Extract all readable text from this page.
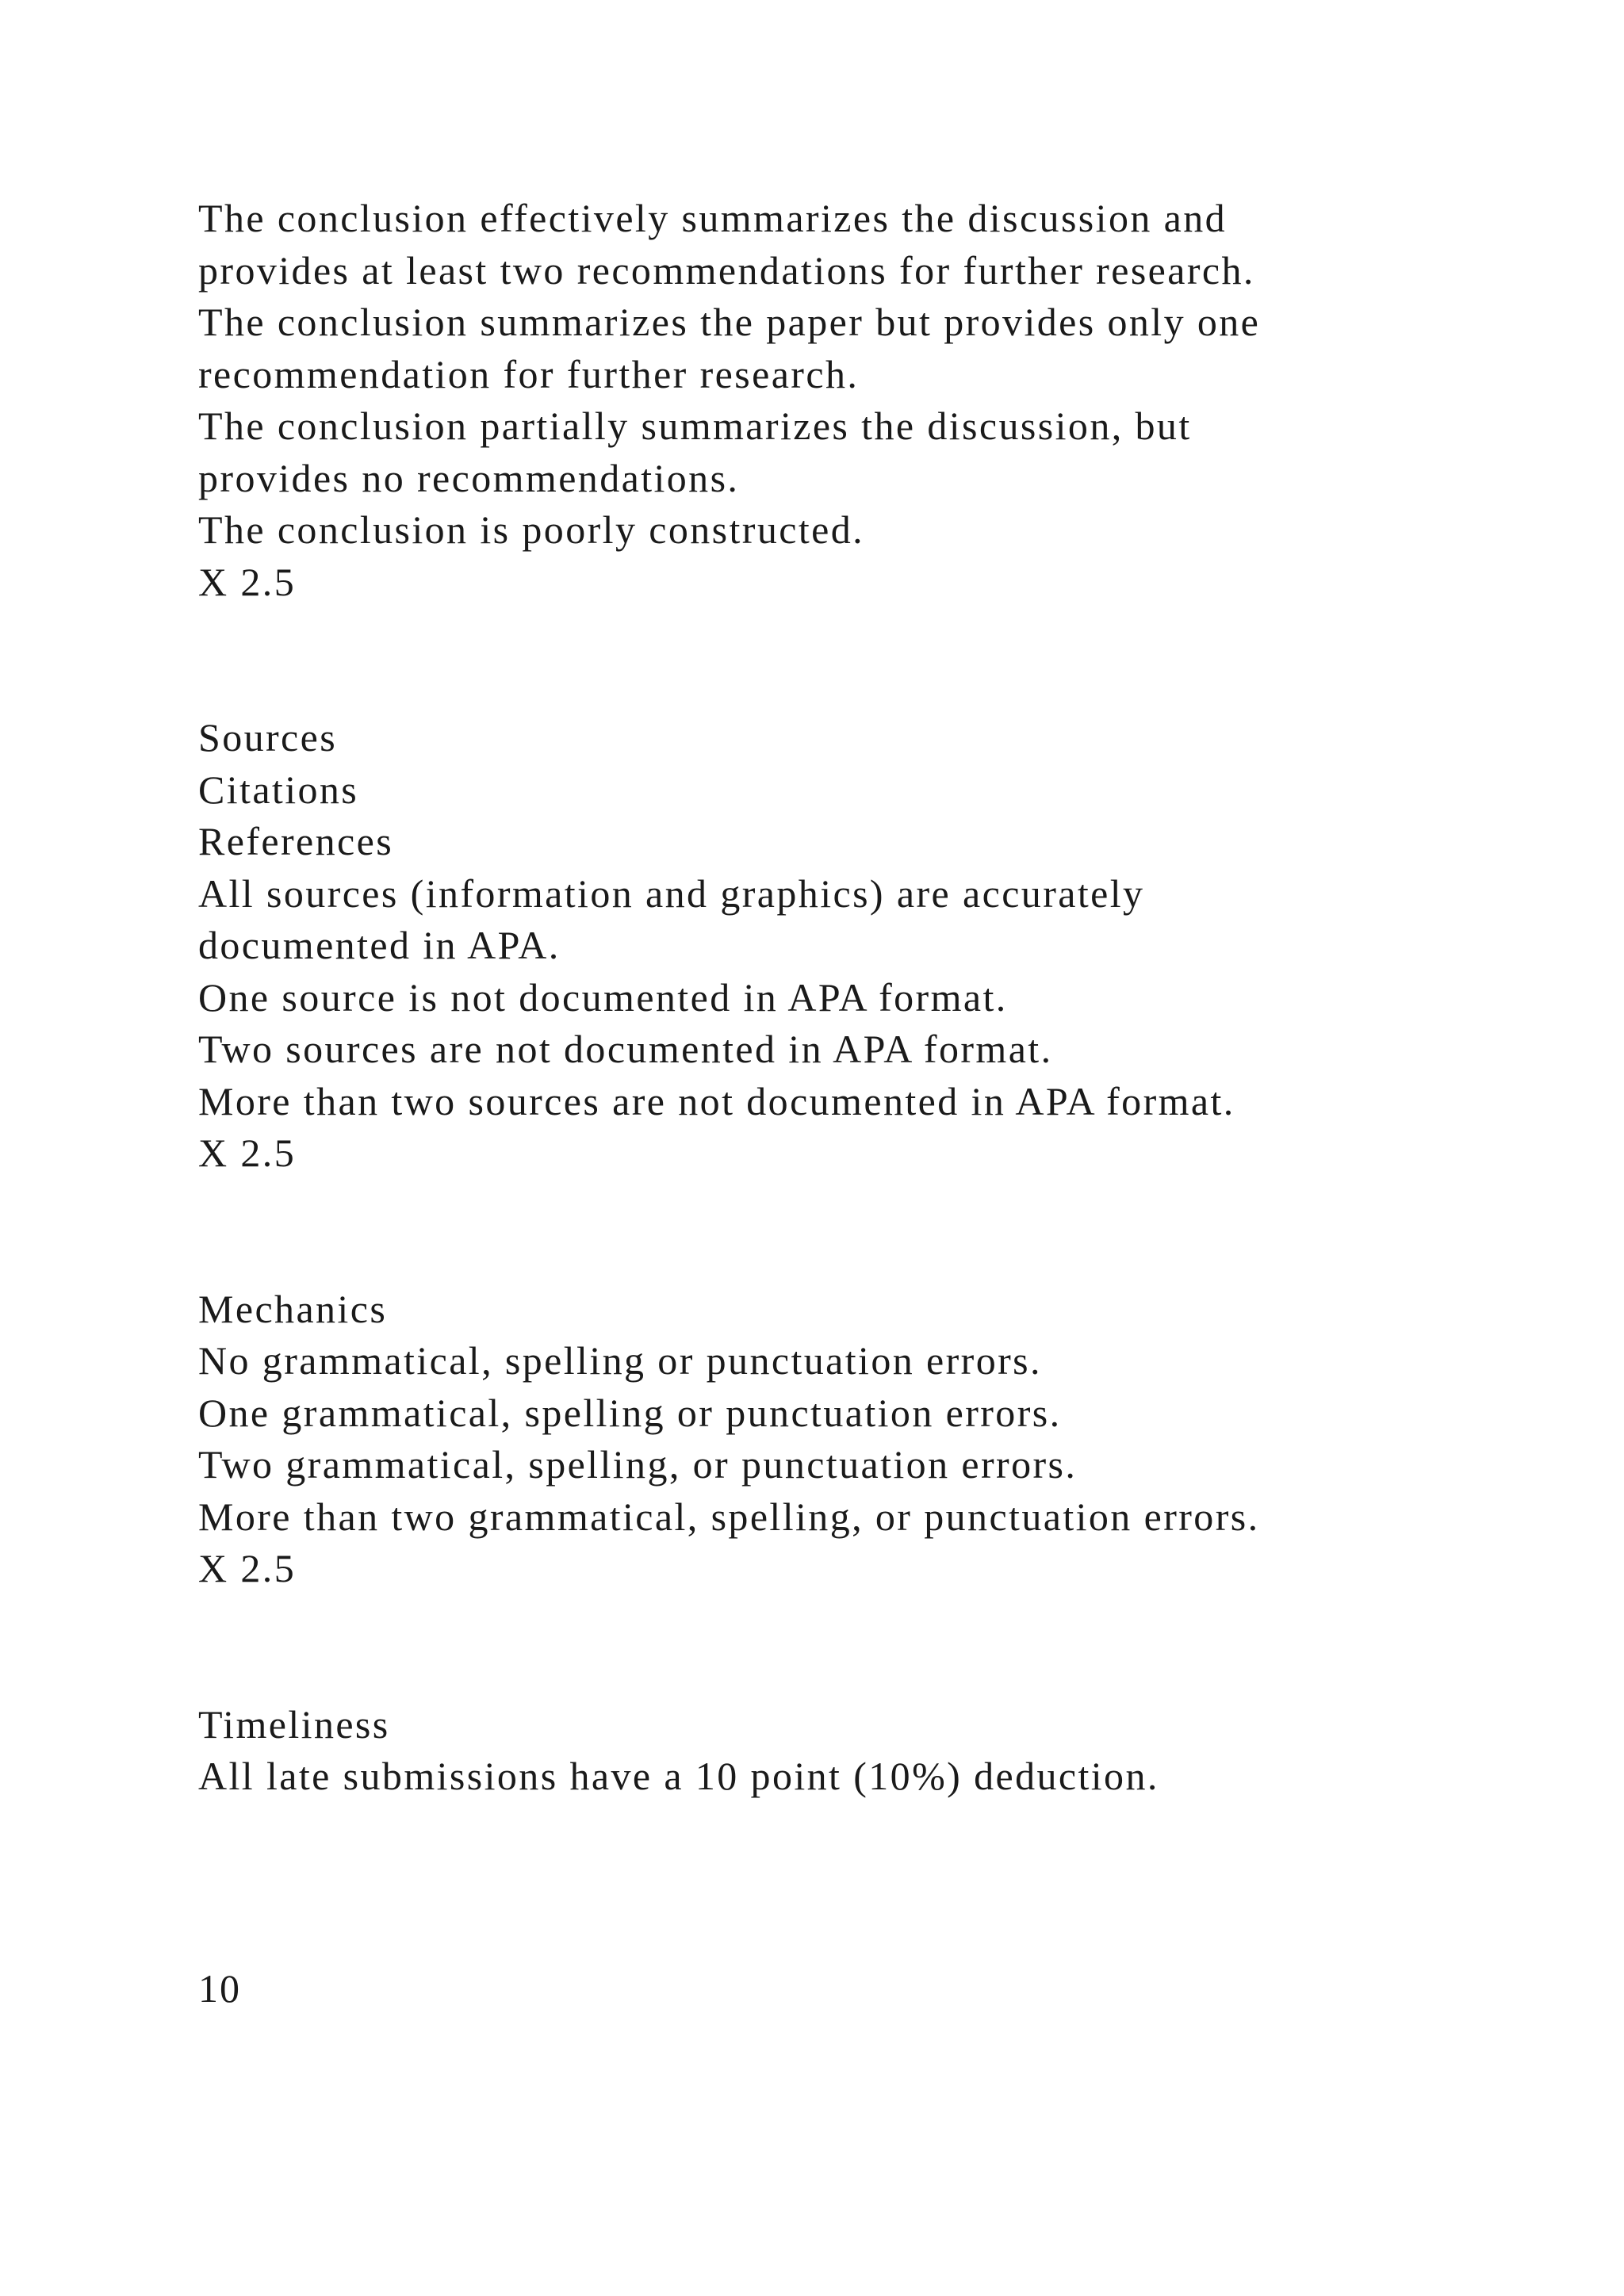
The conclusion effectively summarizes the discussion and
provides at least two recommendations for further research.
The conclusion summarizes the paper but provides only one
recommendation for further research.
The conclusion partially summarizes the discussion, but
provides no recommendations.
The conclusion is poorly constructed.
X 2.5
Sources
Citations
References
All sources (information and graphics) are accurately
documented in APA.
One source is not documented in APA format.
Two sources are not documented in APA format.
More than two sources are not documented in APA format.
X 2.5
Mechanics
No grammatical, spelling or punctuation errors.
One grammatical, spelling or punctuation errors.
Two grammatical, spelling, or punctuation errors.
More than two grammatical, spelling, or punctuation errors.
X 2.5
Timeliness
All late submissions have a 10 point (10%) deduction.
10
